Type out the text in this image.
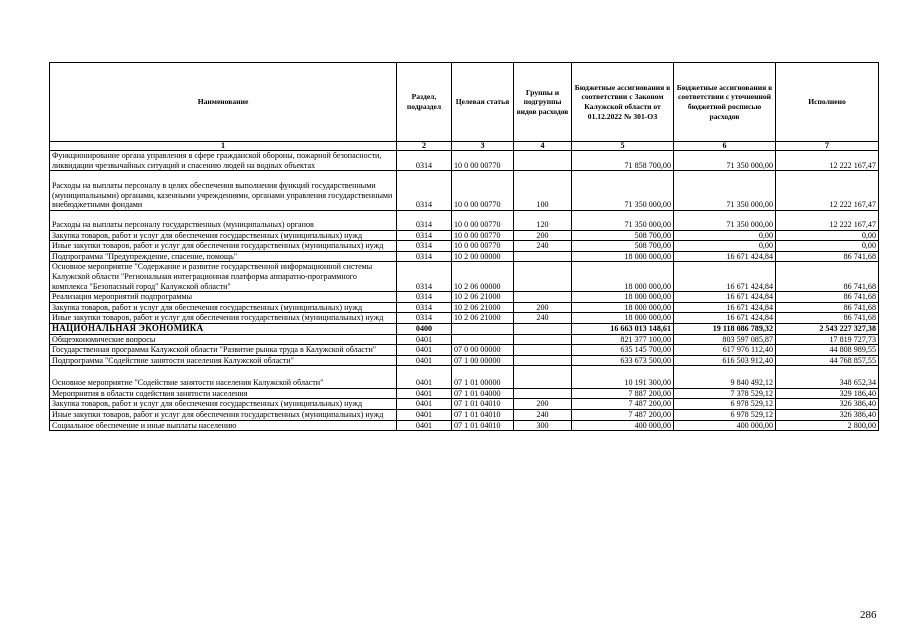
Наименование	Раздел, подраздел	Целевая статья	Группы и подгруппы видов расходов	Бюджетные ассигнования в соответствии с Законом Калужской области от 01.12.2022 № 301-ОЗ	Бюджетные ассигнования в соответствии с уточненной бюджетной росписью расходов	Исполнено
1	2	3	4	5	6	7
Функционирование органа управления в сфере гражданской обороны, пожарной безопасности, ликвидации чрезвычайных ситуаций и спасению людей на водных объектах	0314	10 0 00 00770		71 858 700,00	71 350 000,00	12 222 167,47
Расходы на выплаты персоналу в целях обеспечения выполнения функций государственными (муниципальными) органами, казенными учреждениями, органами управления государственными внебюджетными фондами	0314	10 0 00 00770	100	71 350 000,00	71 350 000,00	12 222 167,47
Расходы на выплаты персоналу государственных (муниципальных) органов	0314	10 0 00 00770	120	71 350 000,00	71 350 000,00	12 222 167,47
Закупка товаров, работ и услуг для обеспечения государственных (муниципальных) нужд	0314	10 0 00 00770	200	508 700,00	0,00	0,00
Иные закупки товаров, работ и услуг для обеспечения государственных (муниципальных) нужд	0314	10 0 00 00770	240	508 700,00	0,00	0,00
Подпрограмма "Предупреждение, спасение, помощь"	0314	10 2 00 00000		18 000 000,00	16 671 424,84	86 741,68
Основное мероприятие "Содержание и развитие государственной информационной системы Калужской области "Региональная интеграционная платформа аппаратно-программного комплекса "Безопасный город" Калужской области"	0314	10 2 06 00000		18 000 000,00	16 671 424,84	86 741,68
Реализация мероприятий подпрограммы	0314	10 2 06 21000		18 000 000,00	16 671 424,84	86 741,68
Закупка товаров, работ и услуг для обеспечения государственных (муниципальных) нужд	0314	10 2 06 21000	200	18 000 000,00	16 671 424,84	86 741,68
Иные закупки товаров, работ и услуг для обеспечения государственных (муниципальных) нужд	0314	10 2 06 21000	240	18 000 000,00	16 671 424,84	86 741,68
НАЦИОНАЛЬНАЯ ЭКОНОМИКА	0400			16 663 013 148,61	19 118 086 789,32	2 543 227 327,38
Общеэкономические вопросы	0401			821 377 100,00	803 597 085,87	17 819 727,73
Государственная программа Калужской области "Развитие рынка труда в Калужской области"	0401	07 0 00 00000		635 145 700,00	617 976 112,40	44 808 989,55
Подпрограмма "Содействие занятости населения Калужской области"	0401	07 1 00 00000		633 673 500,00	616 503 912,40	44 768 857,55
Основное мероприятие "Содействие занятости населения Калужской области"	0401	07 1 01 00000		10 191 300,00	9 840 492,12	348 652,34
Мероприятия в области содействия занятости населения	0401	07 1 01 04000		7 887 200,00	7 378 529,12	329 186,40
Закупка товаров, работ и услуг для обеспечения государственных (муниципальных) нужд	0401	07 1 01 04010	200	7 487 200,00	6 978 529,12	326 386,40
Иные закупки товаров, работ и услуг для обеспечения государственных (муниципальных) нужд	0401	07 1 01 04010	240	7 487 200,00	6 978 529,12	326 386,40
Социальное обеспечение и иные выплаты населению	0401	07 1 01 04010	300	400 000,00	400 000,00	2 800,00
286
